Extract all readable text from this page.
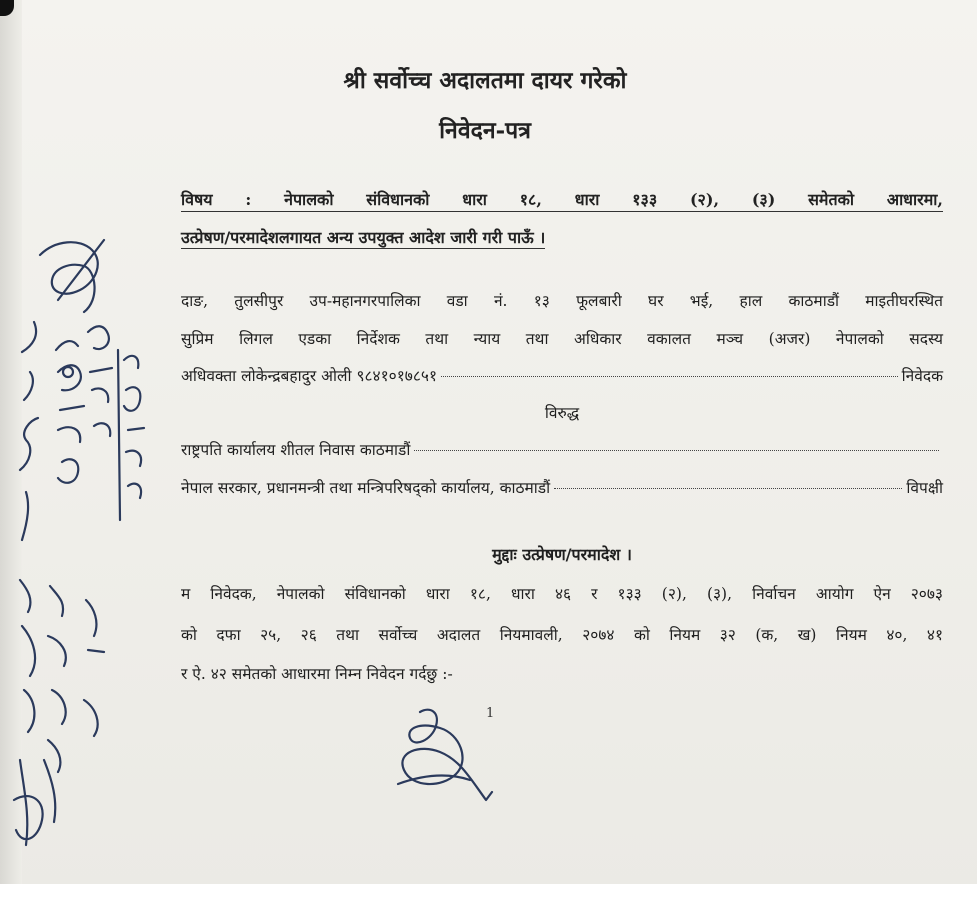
श्री सर्वोच्च अदालतमा दायर गरेको
निवेदन-पत्र
विषय : नेपालको संविधानको धारा १८, धारा १३३ (२), (३) समेतको आधारमा,
उत्प्रेषण/परमादेशलगायत अन्य उपयुक्त आदेश जारी गरी पाऊँ ।
दाङ, तुलसीपुर उप-महानगरपालिका वडा नं. १३ फूलबारी घर भई, हाल काठमाडौं माइतीघरस्थित
सुप्रिम लिगल एडका निर्देशक तथा न्याय तथा अधिकार वकालत मञ्च (अजर) नेपालको सदस्य
अधिवक्ता लोकेन्द्रबहादुर ओली ९८४१०१७८५१	निवेदक
विरुद्ध
राष्ट्रपति कार्यालय शीतल निवास काठमाडौं
नेपाल सरकार, प्रधानमन्त्री तथा मन्त्रिपरिषद्को कार्यालय, काठमाडौं	विपक्षी
मुद्दाः उत्प्रेषण/परमादेश ।
म निवेदक, नेपालको संविधानको धारा १८, धारा ४६ र १३३ (२), (३), निर्वाचन आयोग ऐन २०७३
को दफा २५, २६ तथा सर्वोच्च अदालत नियमावली, २०७४ को नियम ३२ (क, ख) नियम ४०, ४१
र ऐ. ४२ समेतको आधारमा निम्न निवेदन गर्दछु :-
1
